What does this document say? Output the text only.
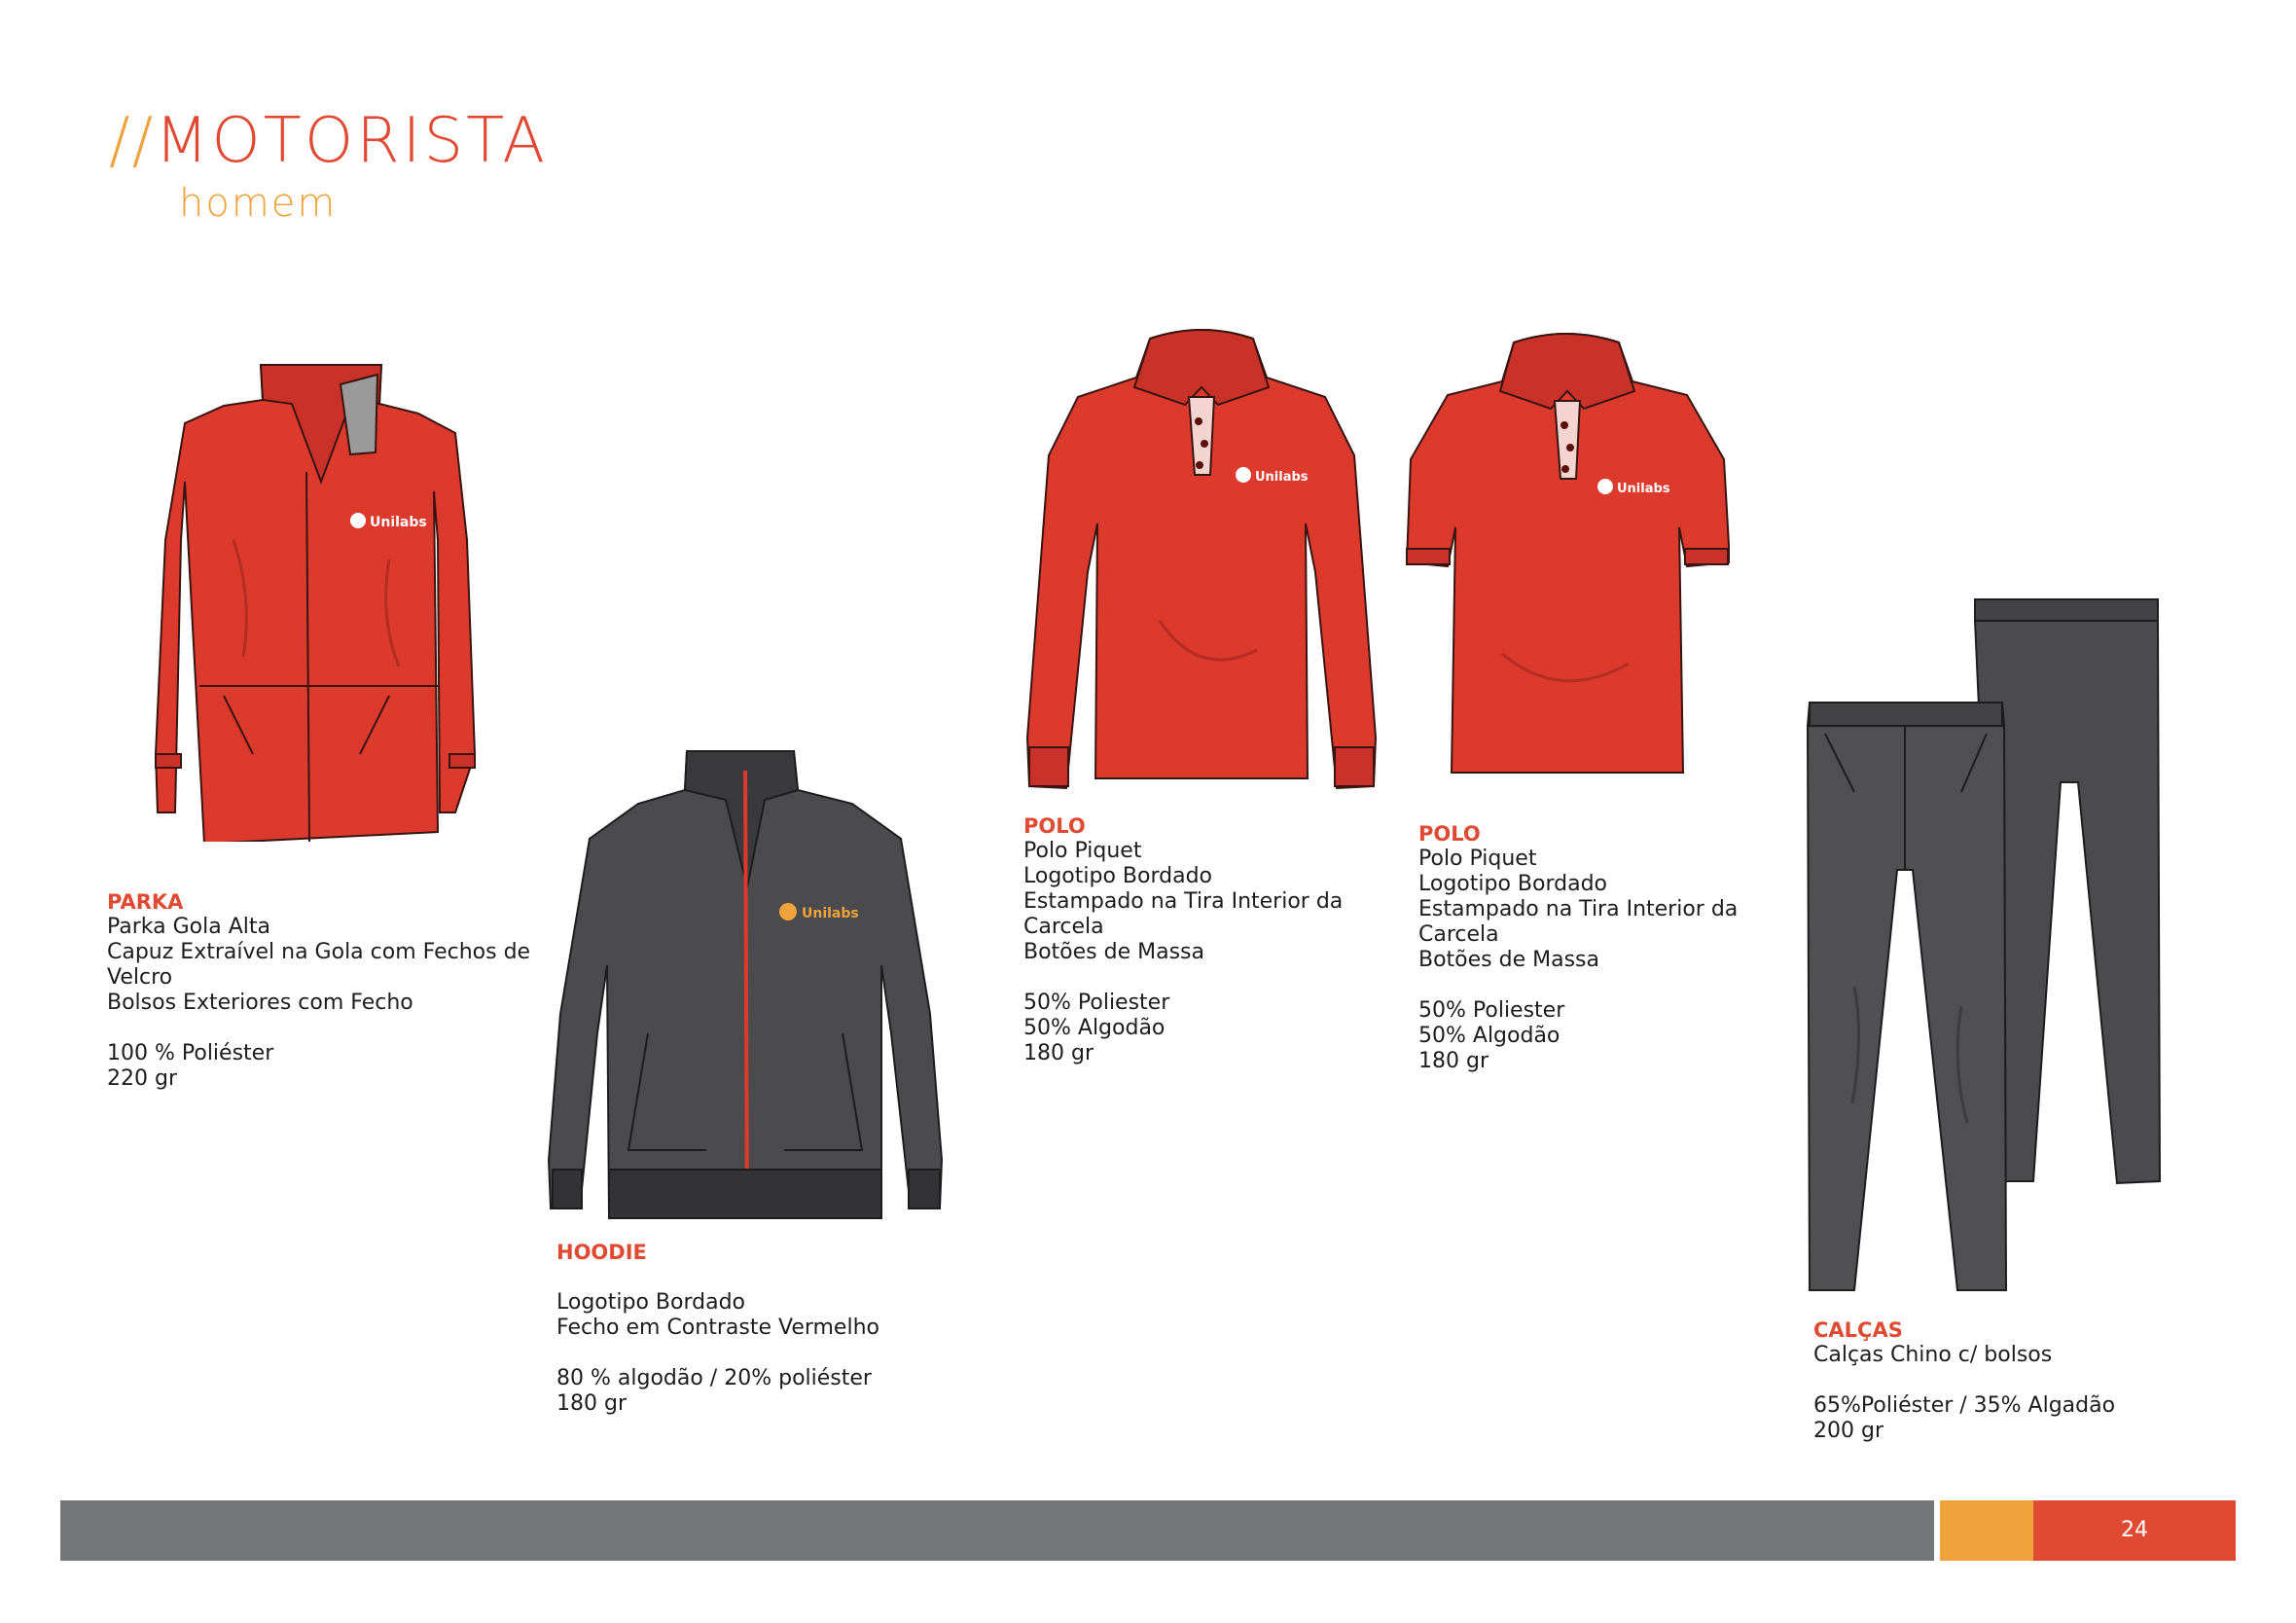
//MOTORISTA
homem
Unilabs
Unilabs
Unilabs
Unilabs
PARKA
Parka Gola Alta
Capuz Extraível na Gola com Fechos de
Velcro
Bolsos Exteriores com Fecho
100 % Poliéster
220 gr
HOODIE
Logotipo Bordado
Fecho em Contraste Vermelho
80 % algodão / 20% poliéster
180 gr
POLO
Polo Piquet
Logotipo Bordado
Estampado na Tira Interior da
Carcela
Botões de Massa
50% Poliester
50% Algodão
180 gr
POLO
Polo Piquet
Logotipo Bordado
Estampado na Tira Interior da
Carcela
Botões de Massa
50% Poliester
50% Algodão
180 gr
CALÇAS
Calças Chino c/ bolsos
65%Poliéster / 35% Algadão
200 gr
24
